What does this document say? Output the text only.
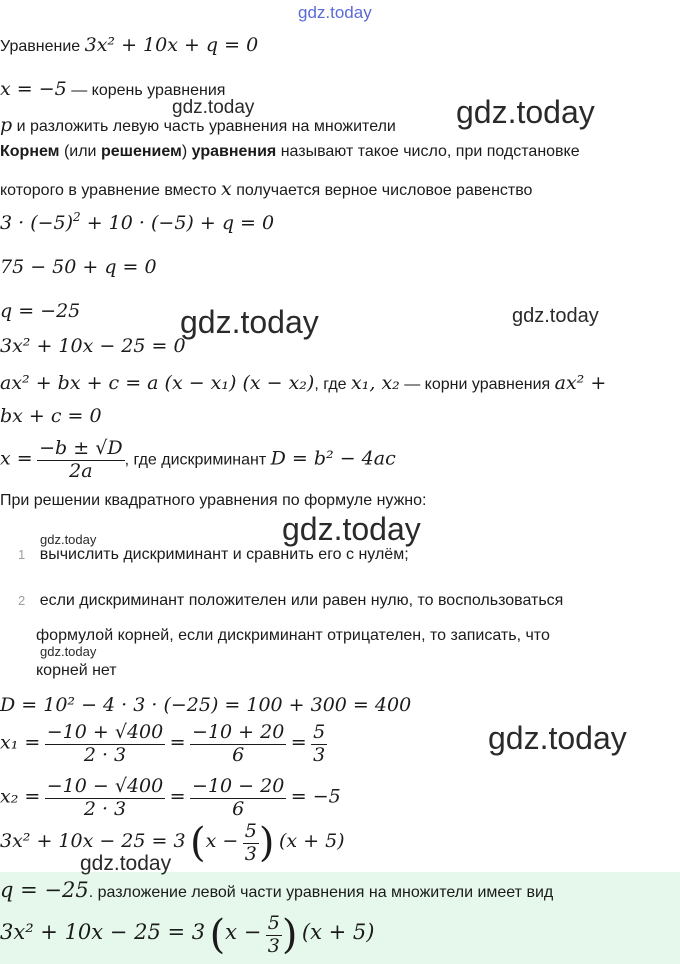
gdz.today
Уравнение 3x² + 10x + q = 0
x = −5 — корень уравнения
p и разложить левую часть уравнения на множители
Корнем (или решением) уравнения называют такое число, при подстановке
которого в уравнение вместо x получается верное числовое равенство
$3 \cdot (-5)^2 + 10 \cdot (-5) + q = 0$
75 − 50 + q = 0
q = −25
3x² + 10x − 25 = 0
ax² + bx + c = a (x − x₁) (x − x₂), где x₁, x₂ — корни уравнения ax² +
bx + c = 0
$x = \frac{-b \pm √D}{2a}$ , где дискриминант D = b² − 4ac
При решении квадратного уравнения по формуле нужно:
1 вычислить дискриминант и сравнить его с нулём;
2 если дискриминант положителен или равен нулю, то воспользоваться
формулой корней, если дискриминант отрицателен, то записать, что
корней нет
D = 10² − 4 · 3 · (−25) = 100 + 300 = 400
$x_1 = \frac{-10 + √400}{2 \cdot 3} = \frac{-10 + 20}{6} = \frac{5}{3}$
$x_2 = \frac{-10 - √400}{2 \cdot 3} = \frac{-10 - 20}{6} = -5$
3x² + 10x − 25 = 3 ($x - \frac{5}{3}$ ) (x + 5)
q = −25. разложение левой части уравнения на множители имеет вид
3x² + 10x − 25 = 3 ($x - \frac{5}{3}$ ) (x + 5)
gdz.today	gdz.today
gdz.today	gdz.today
gdz.today
gdz.today
gdz.today
gdz.today
gdz.today
